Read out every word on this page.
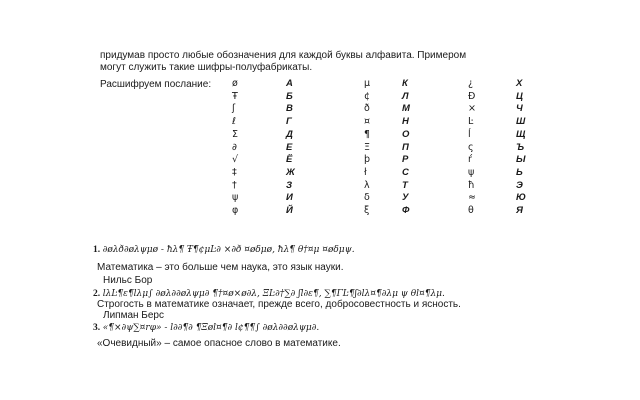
придумав просто любые обозначения для каждой буквы алфавита. Примером
могут служить такие шифры-полуфабрикаты.
Расшифруем послание: ø	А	μ	К	¿	Х
Ŧ	Б	¢	Л	Ð	Ц
ʃ	В	ð	М	×	Ч
ℓ	Г	¤	Н	Ŀ	Ш
Σ	Д	¶	О	ĺ	Щ
∂	Е	Ξ	П	ς	Ъ
√	Ё	þ	Р	ŕ	Ы
‡	Ж	ł	С	ψ	Ь
†	З	λ	Т	ħ	Э
ψ	И	δ	У	≈	Ю
φ	Й	ξ	Ф	θ	Я
1. ∂øλð∂øλψμø - ħλ¶ Ŧ¶¢μĿ∂ ×∂ð ¤øδμø, ħλ¶ θ†¤μ ¤øδμψ.
Математика – это больше чем наука, это язык науки.
Нильс Бор
2. lλĿ¶ε¶lλμ∫ ∂øλ∂∂øλψμ∂ ¶†¤ø×ø∂λ, ΞĿ∂†∑∂ ʃl∂ε¶, ∑¶ΓĿ¶ʃ∂lλ¤¶∂λμ ψ θl¤¶λμ.
Строгость в математике означает, прежде всего, добросовестность и ясность.
Липман Берс
3. «¶×∂ψ∑¤rφ» - l∂∂¶∂ ¶Ξøl¤¶∂ l¢¶¶∫ ∂øλ∂∂øλψμ∂.
«Очевидный» – самое опасное слово в математике.
